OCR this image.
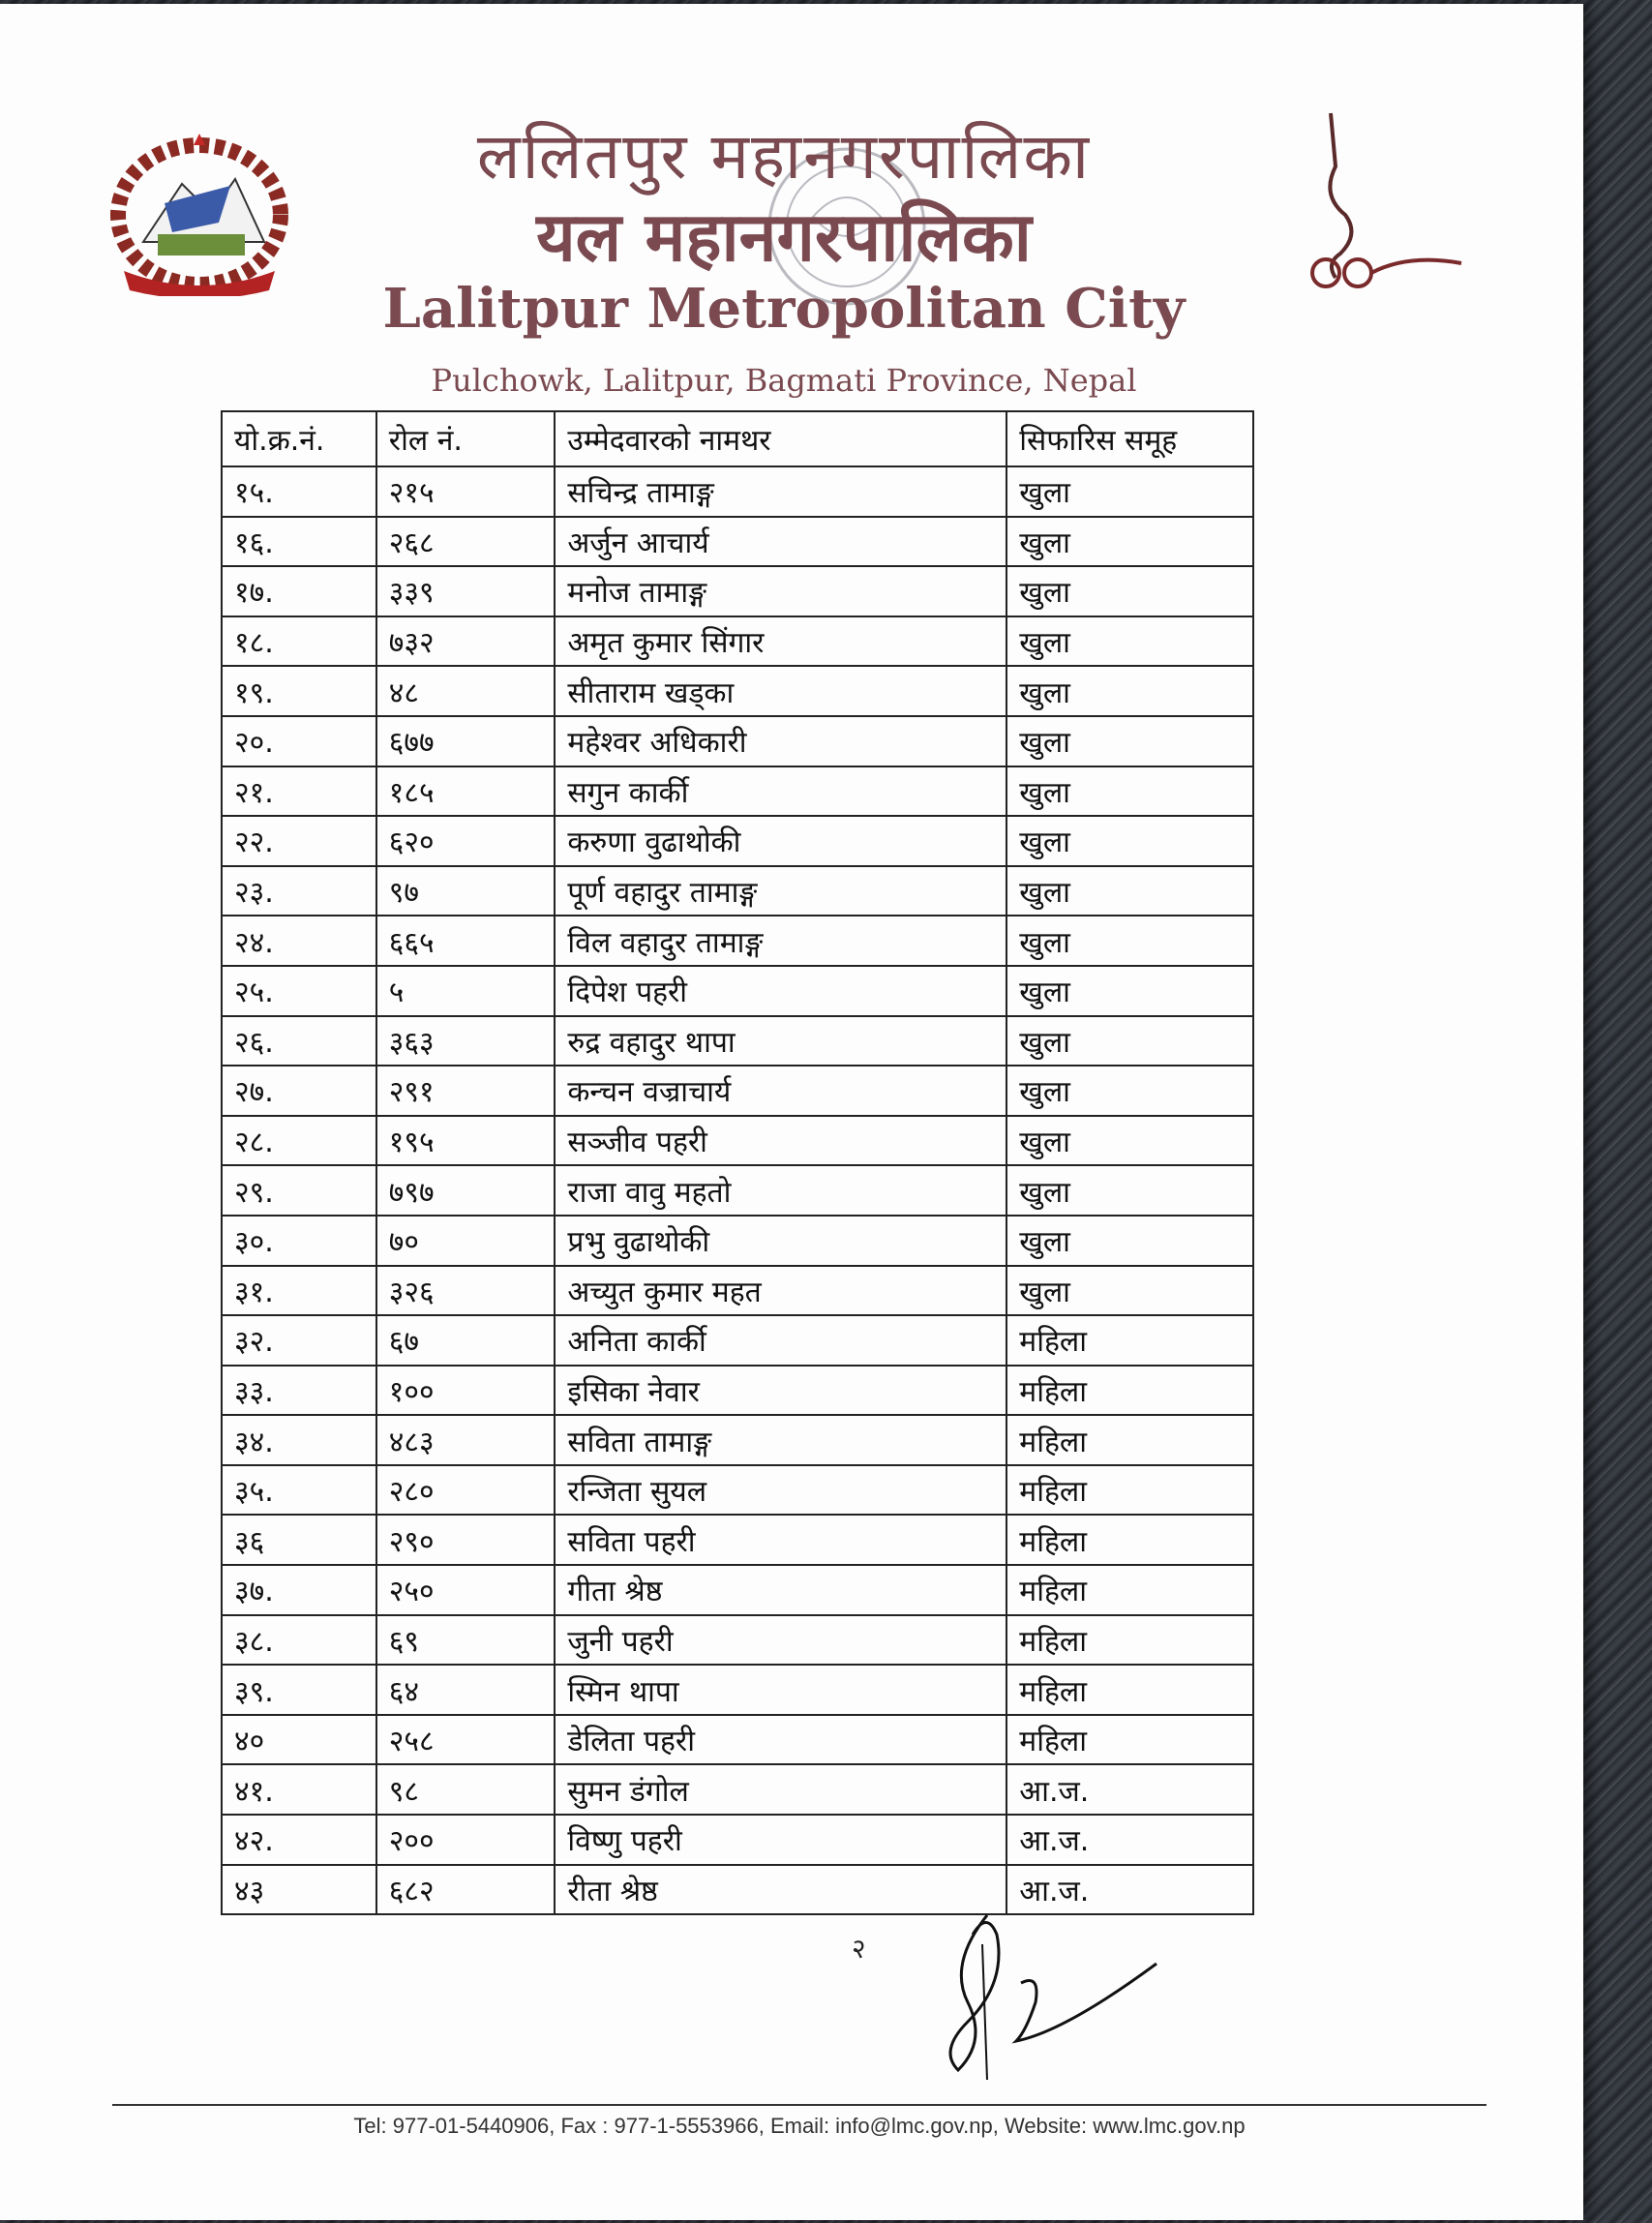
ललितपुर महानगरपालिका
यल महानगरपालिका
Lalitpur Metropolitan City
Pulchowk, Lalitpur, Bagmati Province, Nepal
यो.क्र.नं.	रोल नं.	उम्मेदवारको नामथर	सिफारिस समूह
१५.	२१५	सचिन्द्र तामाङ्ग	खुला
१६.	२६८	अर्जुन आचार्य	खुला
१७.	३३९	मनोज तामाङ्ग	खुला
१८.	७३२	अमृत कुमार सिंगार	खुला
१९.	४८	सीताराम खड्का	खुला
२०.	६७७	महेश्वर अधिकारी	खुला
२१.	१८५	सगुन कार्की	खुला
२२.	६२०	करुणा वुढाथोकी	खुला
२३.	९७	पूर्ण वहादुर तामाङ्ग	खुला
२४.	६६५	विल वहादुर तामाङ्ग	खुला
२५.	५	दिपेश पहरी	खुला
२६.	३६३	रुद्र वहादुर थापा	खुला
२७.	२९१	कन्चन वज्राचार्य	खुला
२८.	१९५	सञ्जीव पहरी	खुला
२९.	७९७	राजा वावु महतो	खुला
३०.	७०	प्रभु वुढाथोकी	खुला
३१.	३२६	अच्युत कुमार महत	खुला
३२.	६७	अनिता कार्की	महिला
३३.	१००	इसिका नेवार	महिला
३४.	४८३	सविता तामाङ्ग	महिला
३५.	२८०	रन्जिता सुयल	महिला
३६	२९०	सविता पहरी	महिला
३७.	२५०	गीता श्रेष्ठ	महिला
३८.	६९	जुनी पहरी	महिला
३९.	६४	स्मिन थापा	महिला
४०	२५८	डेलिता पहरी	महिला
४१.	९८	सुमन डंगोल	आ.ज.
४२.	२००	विष्णु पहरी	आ.ज.
४३	६८२	रीता श्रेष्ठ	आ.ज.
२
Tel: 977-01-5440906, Fax : 977-1-5553966, Email: info@lmc.gov.np, Website: www.lmc.gov.np
